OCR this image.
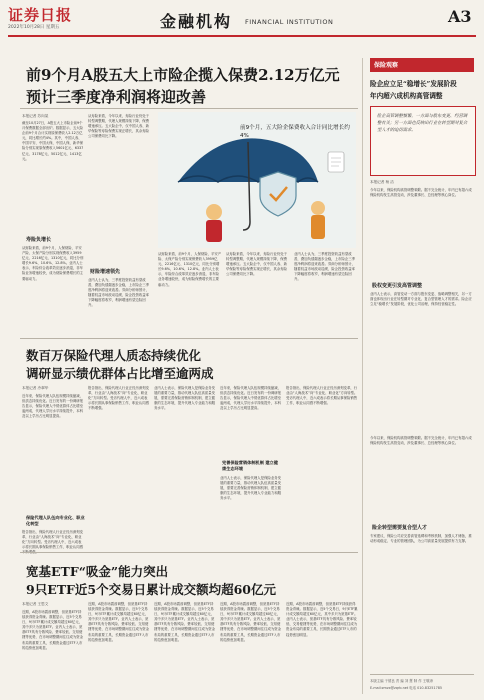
证券日报
2022年10月28日 星期五	金融机构 FINANCIAL INSTITUTION	A3
前9个月A股五大上市险企揽入保费2.12万亿元
预计三季度净利润将迎改善
本报记者 苏向杲
截至10月27日，A股五大上市险企前9个月保费数据全部出炉。数据显示，五大险企前9个月合计实现原保费收入2.12万亿元，同比增长约4%。其中，中国人寿、中国平安、中国太保、中国人保、新华保险分别实现原保费收入5601亿元、6337亿元、3178亿元、5012亿元、1413亿元。
寿险负增长
从财险来看，前9个月，人保财险、平安产险、太保产险分别实现保费收入3959亿元、2216亿元、1310亿元，同比分别增长9.6%、10.6%、12.8%。业内人士表示，车险综合改革效应逐步消退，非车险业务增速较快，成为财险保费增长的主要驱动力。
从寿险来看，今年以来，寿险行业仍处于转型调整期，代理人规模持续下降，保费增速承压。五大险企中，仅中国人寿、新华保险等寿险保费实现正增长，其余寿险公司保费同比下降。
财险增速领先
业内人士认为，三季度投资收益有望改善，叠加负债端逐步企稳，上市险企三季度净利润将迎来改善。券商分析师预计，随着权益市场波动趋缓，险企投资收益率下降幅度将收窄，利润增速有望边际回升。
前9个月，五大险企保费收入合计同比增长约4%
从财险来看，前9个月，人保财险、平安产险、太保产险分别实现保费收入3959亿元、2216亿元、1310亿元，同比分别增长9.6%、10.6%、12.8%。业内人士表示，车险综合改革效应逐步消退，非车险业务增速较快，成为财险保费增长的主要驱动力。
从寿险来看，今年以来，寿险行业仍处于转型调整期，代理人规模持续下降，保费增速承压。五大险企中，仅中国人寿、新华保险等寿险保费实现正增长，其余寿险公司保费同比下降。
业内人士认为，三季度投资收益有望改善，叠加负债端逐步企稳，上市险企三季度净利润将迎来改善。券商分析师预计，随着权益市场波动趋缓，险企投资收益率下降幅度将收窄，利润增速有望边际回升。
数百万保险代理人质态持续优化
调研显示绩优群体占比增至逾两成
本报记者 冷翠华
近年来，保险代理人队伍规模持续缩减，但质态持续优化。近日发布的一份调研报告显示，保险代理人中绩优群体占比增至逾两成，代理人学历水平持续提升，本科及以上学历占比明显提高。
保险代理人队伍向专业化、职业化转型
报告指出，保险代理人行业正经历深刻变革，行业由“人海战术”向“专业化、职业化”方向转型。受访代理人中，近六成表示将长期从事保险销售工作，职业认同感
报告指出，保险代理人行业正经历深刻变革，行业由“人海战术”向“专业化、职业化”方向转型。受访代理人中，近六成表示将长期从事保险销售工作，职业认同感不断增强。
业内人士表示，保险代理人是保险业务发展的重要力量，推动代理人队伍高质量发展，需要完善保险营销体制机制，建立健康的生态环境，提升代理人专业能力和服务水平。
近年来，保险代理人队伍规模持续缩减，但质态持续优化。近日发布的一份调研报告显示，保险代理人中绩优群体占比增至逾两成，代理人学历水平持续提升，本科及以上学历占比明显提高。
完善保险营销体制机制 建立健康生态环境
业内人士表示，保险代理人是保险业务发展的重要力量，推动代理人队伍高质量发展，需要完善保险营销体制机制，建立健康的生态环境，提升代理人专业能力和服务水平。
报告指出，保险代理人行业正经历深刻变革，行业由“人海战术”向“专业化、职业化”方向转型。受访代理人中，近六成表示将长期从事保险销售工作，职业认同感不断增强。
宽基ETF“吸金”能力突出
9只ETF近5个交易日累计成交额均超60亿元
本报记者 王思文
近期，A股市场震荡调整，但宽基ETF持续获得资金青睐。数据显示，近5个交易日，9只ETF累计成交额均超过60亿元，其中多只为宽基ETF。业内人士表示，宽基ETF具有分散风险、费率较低、交易便捷等优势，在市场调整期间往往成为资金布局的重要工具，长期资金通过ETF入市的趋势愈加明显。
近期，A股市场震荡调整，但宽基ETF持续获得资金青睐。数据显示，近5个交易日，9只ETF累计成交额均超过60亿元，其中多只为宽基ETF。业内人士表示，宽基ETF具有分散风险、费率较低、交易便捷等优势，在市场调整期间往往成为资金布局的重要工具，长期资金通过ETF入市的趋势愈加明显。
近期，A股市场震荡调整，但宽基ETF持续获得资金青睐。数据显示，近5个交易日，9只ETF累计成交额均超过60亿元，其中多只为宽基ETF。业内人士表示，宽基ETF具有分散风险、费率较低、交易便捷等优势，在市场调整期间往往成为资金布局的重要工具，长期资金通过ETF入市的趋势愈加明显。
近期，A股市场震荡调整，但宽基ETF持续获得资金青睐。数据显示，近5个交易日，9只ETF累计成交额均超过60亿元，其中多只为宽基ETF。业内人士表示，宽基ETF具有分散风险、费率较低、交易便捷等优势，在市场调整期间往往成为资金布局的重要工具，长期资金通过ETF入市的趋势愈加明显。
近期，A股市场震荡调整，但宽基ETF持续获得资金青睐。数据显示，近5个交易日，9只ETF累计成交额均超过60亿元，其中多只为宽基ETF。业内人士表示，宽基ETF具有分散风险、费率较低、交易便捷等优势，在市场调整期间往往成为资金布局的重要工具，长期资金通过ETF入市的趋势愈加明显。
保险观察
险企应立足“稳增长”发展阶段
年内超六成机构高管调整
险企高管调整频繁，一方面与股东变更、经营调整有关；另一方面也反映出行业在转型期对复合型人才的迫切需求。
本报记者 杨 洁
今年以来，保险机构高管调整频繁。据不完全统计，年内已有超六成保险机构发生高管变动，涉及董事长、总经理等核心岗位。
股权变更引发高管调整
业内人士表示，高管变动一方面与股东变更、战略调整相关，另一方面也体现出行业在转型期对专业化、复合型管理人才的需求。险企应立足“稳增长”发展阶段，优化公司治理，保持经营稳定性。
今年以来，保险机构高管调整频繁。据不完全统计，年内已有超六成保险机构发生高管变动，涉及董事长、总经理等核心岗位。
险企转型需要复合型人才
专家建议，保险公司应完善高管选聘和考核机制，加强人才储备，推动形成稳定、专业的管理团队，为公司高质量发展提供有力支撑。
本版主编 于德良 责 编 刘 慧 制 作 王敬涛
E-mail:zmzx@zqrb.net 电话 010-83251785
